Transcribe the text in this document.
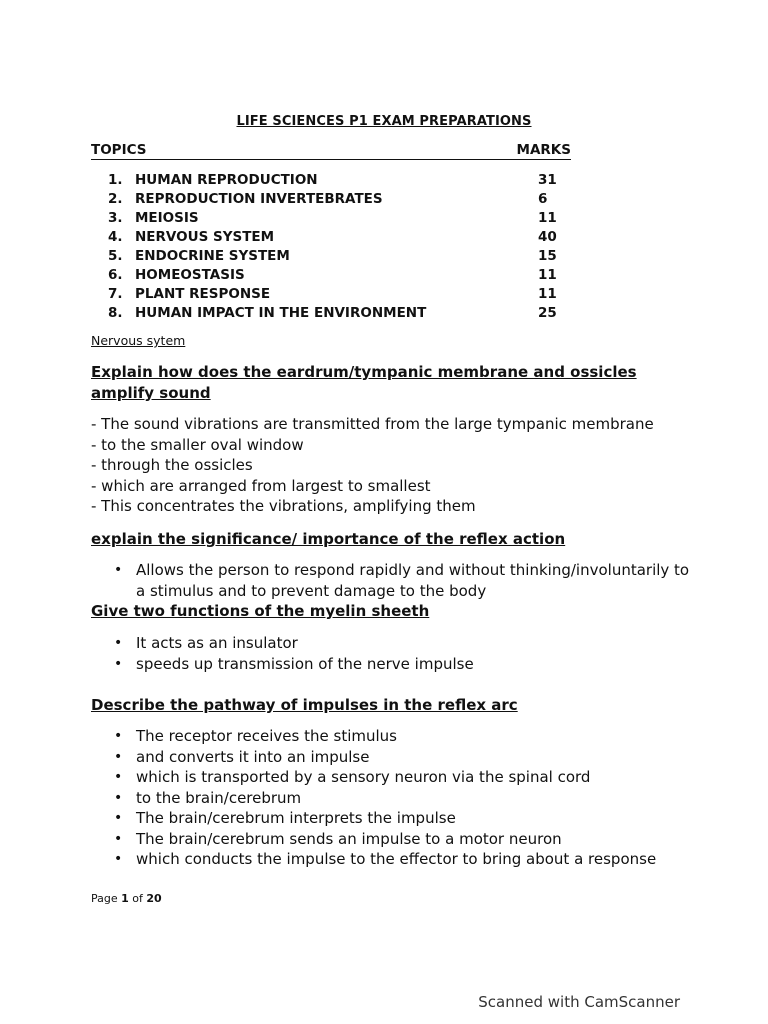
LIFE SCIENCES P1 EXAM PREPARATIONS
TOPICS	MARKS
1. HUMAN REPRODUCTION	31
2. REPRODUCTION INVERTEBRATES	6
3. MEIOSIS	11
4. NERVOUS SYSTEM	40
5. ENDOCRINE SYSTEM	15
6. HOMEOSTASIS	11
7. PLANT RESPONSE	11
8. HUMAN IMPACT IN THE ENVIRONMENT	25
Nervous sytem
Explain how does the eardrum/tympanic membrane and ossicles amplify sound
- The sound vibrations are transmitted from the large tympanic membrane
- to the smaller oval window
- through the ossicles
- which are arranged from largest to smallest
- This concentrates the vibrations, amplifying them
explain the significance/ importance of the reflex action
• Allows the person to respond rapidly and without thinking/involuntarily to a stimulus and to prevent damage to the body
Give two functions of the myelin sheeth
• It acts as an insulator
• speeds up transmission of the nerve impulse
Describe the pathway of impulses in the reflex arc
• The receptor receives the stimulus
• and converts it into an impulse
• which is transported by a sensory neuron via the spinal cord
• to the brain/cerebrum
• The brain/cerebrum interprets the impulse
• The brain/cerebrum sends an impulse to a motor neuron
• which conducts the impulse to the effector to bring about a response
Page 1 of 20
Scanned with CamScanner
